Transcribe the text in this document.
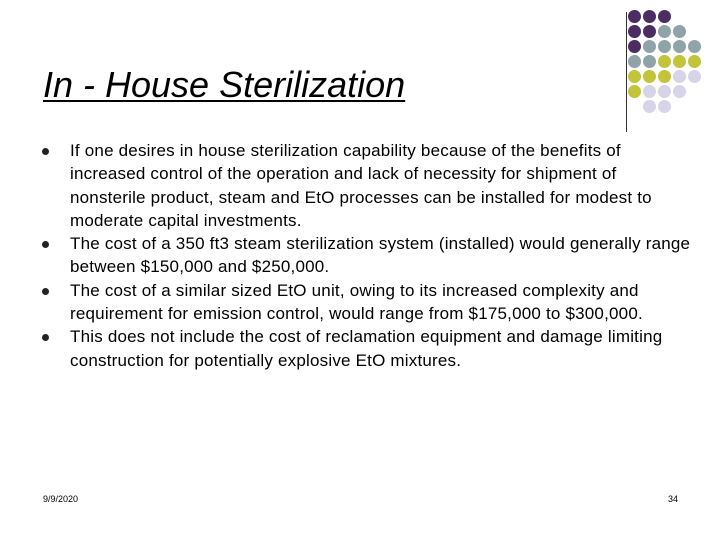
In - House Sterilization
If one desires in house sterilization capability because of the benefits of increased control of the operation and lack of necessity for shipment of nonsterile product, steam and EtO processes can be installed for modest to moderate capital investments.
The cost of a 350 ft3 steam sterilization system (installed) would generally range between $150,000 and $250,000.
The cost of a similar sized EtO unit, owing to its increased complexity and requirement for emission control, would range from $175,000 to $300,000.
This does not include the cost of reclamation equipment and damage limiting construction for potentially explosive EtO mixtures.
9/9/2020	34
